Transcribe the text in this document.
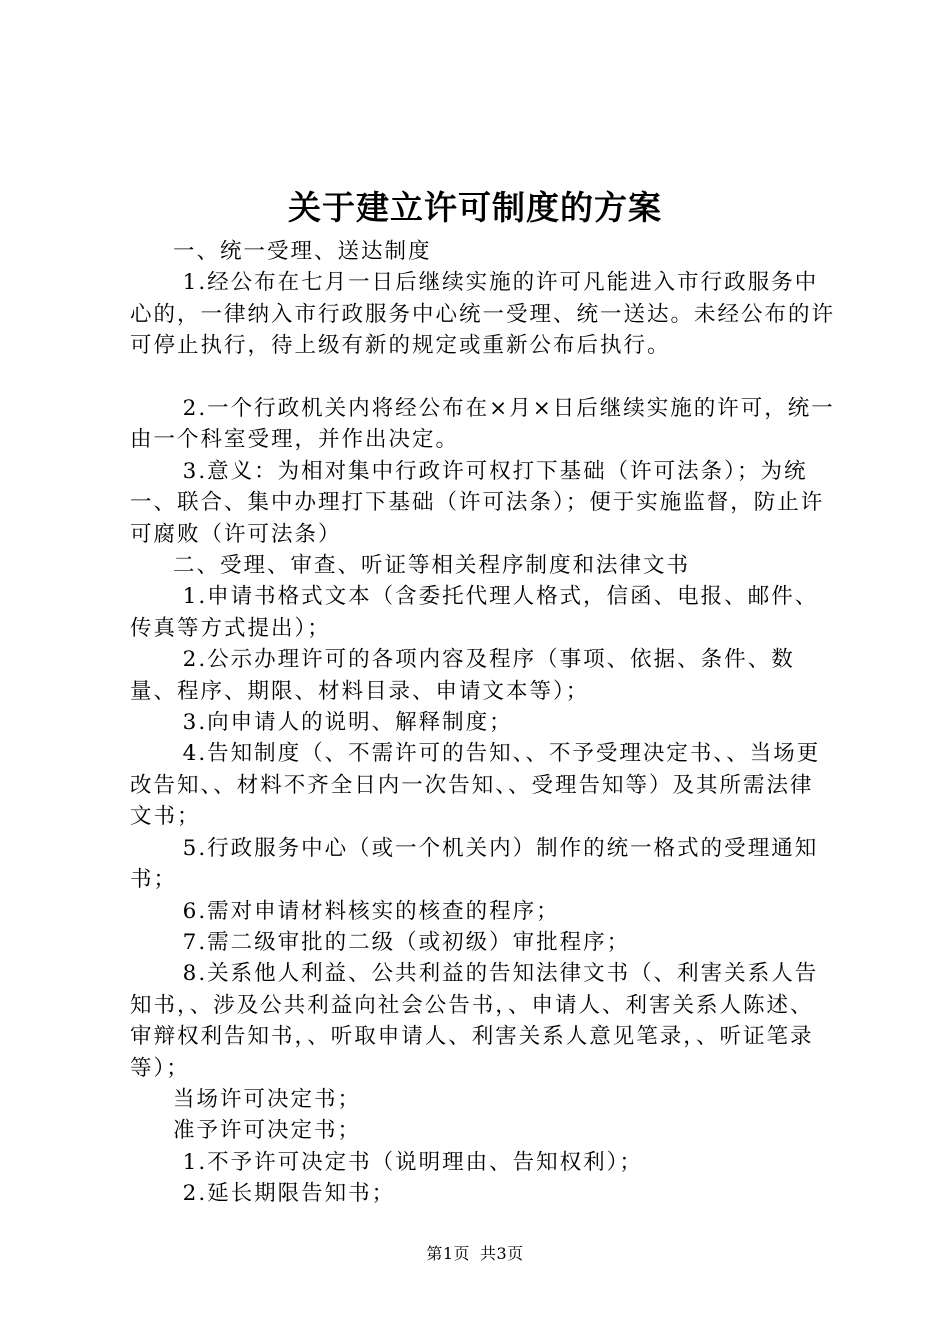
关于建立许可制度的方案

一、统一受理、送达制度

1.经公布在七月一日后继续实施的许可凡能进入市行政服务中心的，一律纳入市行政服务中心统一受理、统一送达。未经公布的许可停止执行，待上级有新的规定或重新公布后执行。

2.一个行政机关内将经公布在×月×日后继续实施的许可，统一由一个科室受理，并作出决定。

3.意义：为相对集中行政许可权打下基础（许可法条）；为统一、联合、集中办理打下基础（许可法条）；便于实施监督，防止许可腐败（许可法条）

二、受理、审查、听证等相关程序制度和法律文书

1.申请书格式文本（含委托代理人格式，信函、电报、邮件、传真等方式提出）；

2.公示办理许可的各项内容及程序（事项、依据、条件、数量、程序、期限、材料目录、申请文本等）；

3.向申请人的说明、解释制度；

4.告知制度（、不需许可的告知、、不予受理决定书、、当场更改告知、、材料不齐全日内一次告知、、受理告知等）及其所需法律文书；

5.行政服务中心（或一个机关内）制作的统一格式的受理通知书；

6.需对申请材料核实的核查的程序；

7.需二级审批的二级（或初级）审批程序；

8.关系他人利益、公共利益的告知法律文书（、利害关系人告知书，、涉及公共利益向社会公告书，、申请人、利害关系人陈述、审辩权利告知书，、听取申请人、利害关系人意见笔录，、听证笔录等）；

当场许可决定书；

准予许可决定书；

1.不予许可决定书（说明理由、告知权利）；

2.延长期限告知书；

第1页 共3页
